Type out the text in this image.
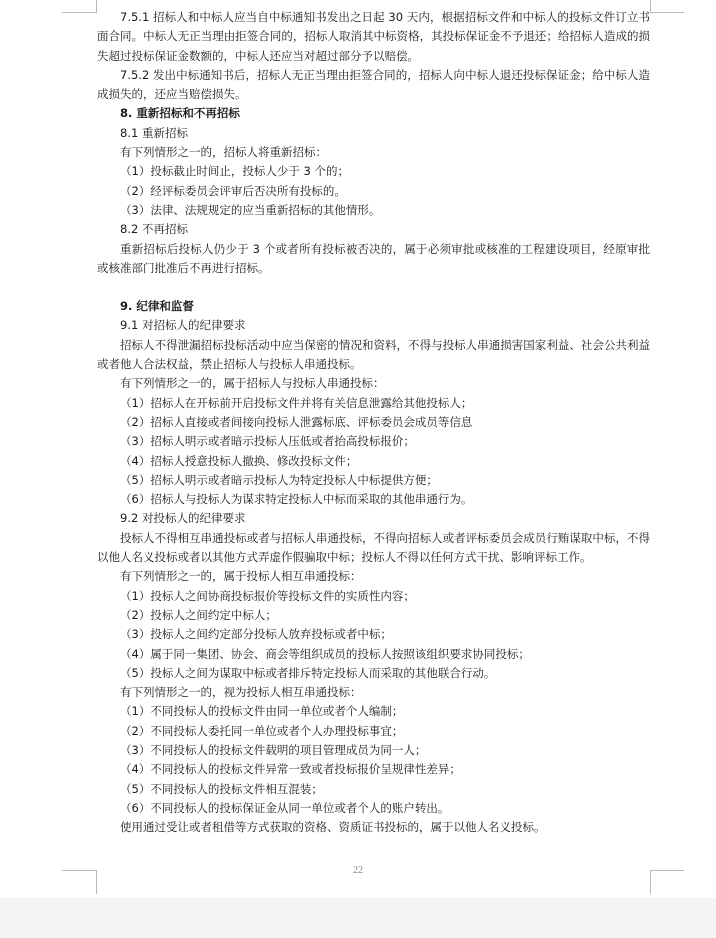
7.5.1 招标人和中标人应当自中标通知书发出之日起 30 天内，根据招标文件和中标人的投标文件订立书面合同。中标人无正当理由拒签合同的，招标人取消其中标资格，其投标保证金不予退还；给招标人造成的损失超过投标保证金数额的，中标人还应当对超过部分予以赔偿。

7.5.2 发出中标通知书后，招标人无正当理由拒签合同的，招标人向中标人退还投标保证金；给中标人造成损失的，还应当赔偿损失。

8. 重新招标和不再招标

8.1 重新招标

有下列情形之一的，招标人将重新招标：

（1）投标截止时间止，投标人少于 3 个的；

（2）经评标委员会评审后否决所有投标的。

（3）法律、法规规定的应当重新招标的其他情形。

8.2 不再招标

重新招标后投标人仍少于 3 个或者所有投标被否决的，属于必须审批或核准的工程建设项目，经原审批或核准部门批准后不再进行招标。

9. 纪律和监督

9.1 对招标人的纪律要求

招标人不得泄漏招标投标活动中应当保密的情况和资料，不得与投标人串通损害国家利益、社会公共利益或者他人合法权益，禁止招标人与投标人串通投标。

有下列情形之一的，属于招标人与投标人串通投标：

（1）招标人在开标前开启投标文件并将有关信息泄露给其他投标人；

（2）招标人直接或者间接向投标人泄露标底、评标委员会成员等信息

（3）招标人明示或者暗示投标人压低或者抬高投标报价；

（4）招标人授意投标人撤换、修改投标文件；

（5）招标人明示或者暗示投标人为特定投标人中标提供方便；

（6）招标人与投标人为谋求特定投标人中标而采取的其他串通行为。

9.2 对投标人的纪律要求

投标人不得相互串通投标或者与招标人串通投标，不得向招标人或者评标委员会成员行贿谋取中标，不得以他人名义投标或者以其他方式弄虚作假骗取中标；投标人不得以任何方式干扰、影响评标工作。

有下列情形之一的，属于投标人相互串通投标：

（1）投标人之间协商投标报价等投标文件的实质性内容；

（2）投标人之间约定中标人；

（3）投标人之间约定部分投标人放弃投标或者中标；

（4）属于同一集团、协会、商会等组织成员的投标人按照该组织要求协同投标；

（5）投标人之间为谋取中标或者排斥特定投标人而采取的其他联合行动。

有下列情形之一的，视为投标人相互串通投标：

（1）不同投标人的投标文件由同一单位或者个人编制；

（2）不同投标人委托同一单位或者个人办理投标事宜；

（3）不同投标人的投标文件载明的项目管理成员为同一人；

（4）不同投标人的投标文件异常一致或者投标报价呈规律性差异；

（5）不同投标人的投标文件相互混装；

（6）不同投标人的投标保证金从同一单位或者个人的账户转出。

使用通过受让或者租借等方式获取的资格、资质证书投标的，属于以他人名义投标。

22
